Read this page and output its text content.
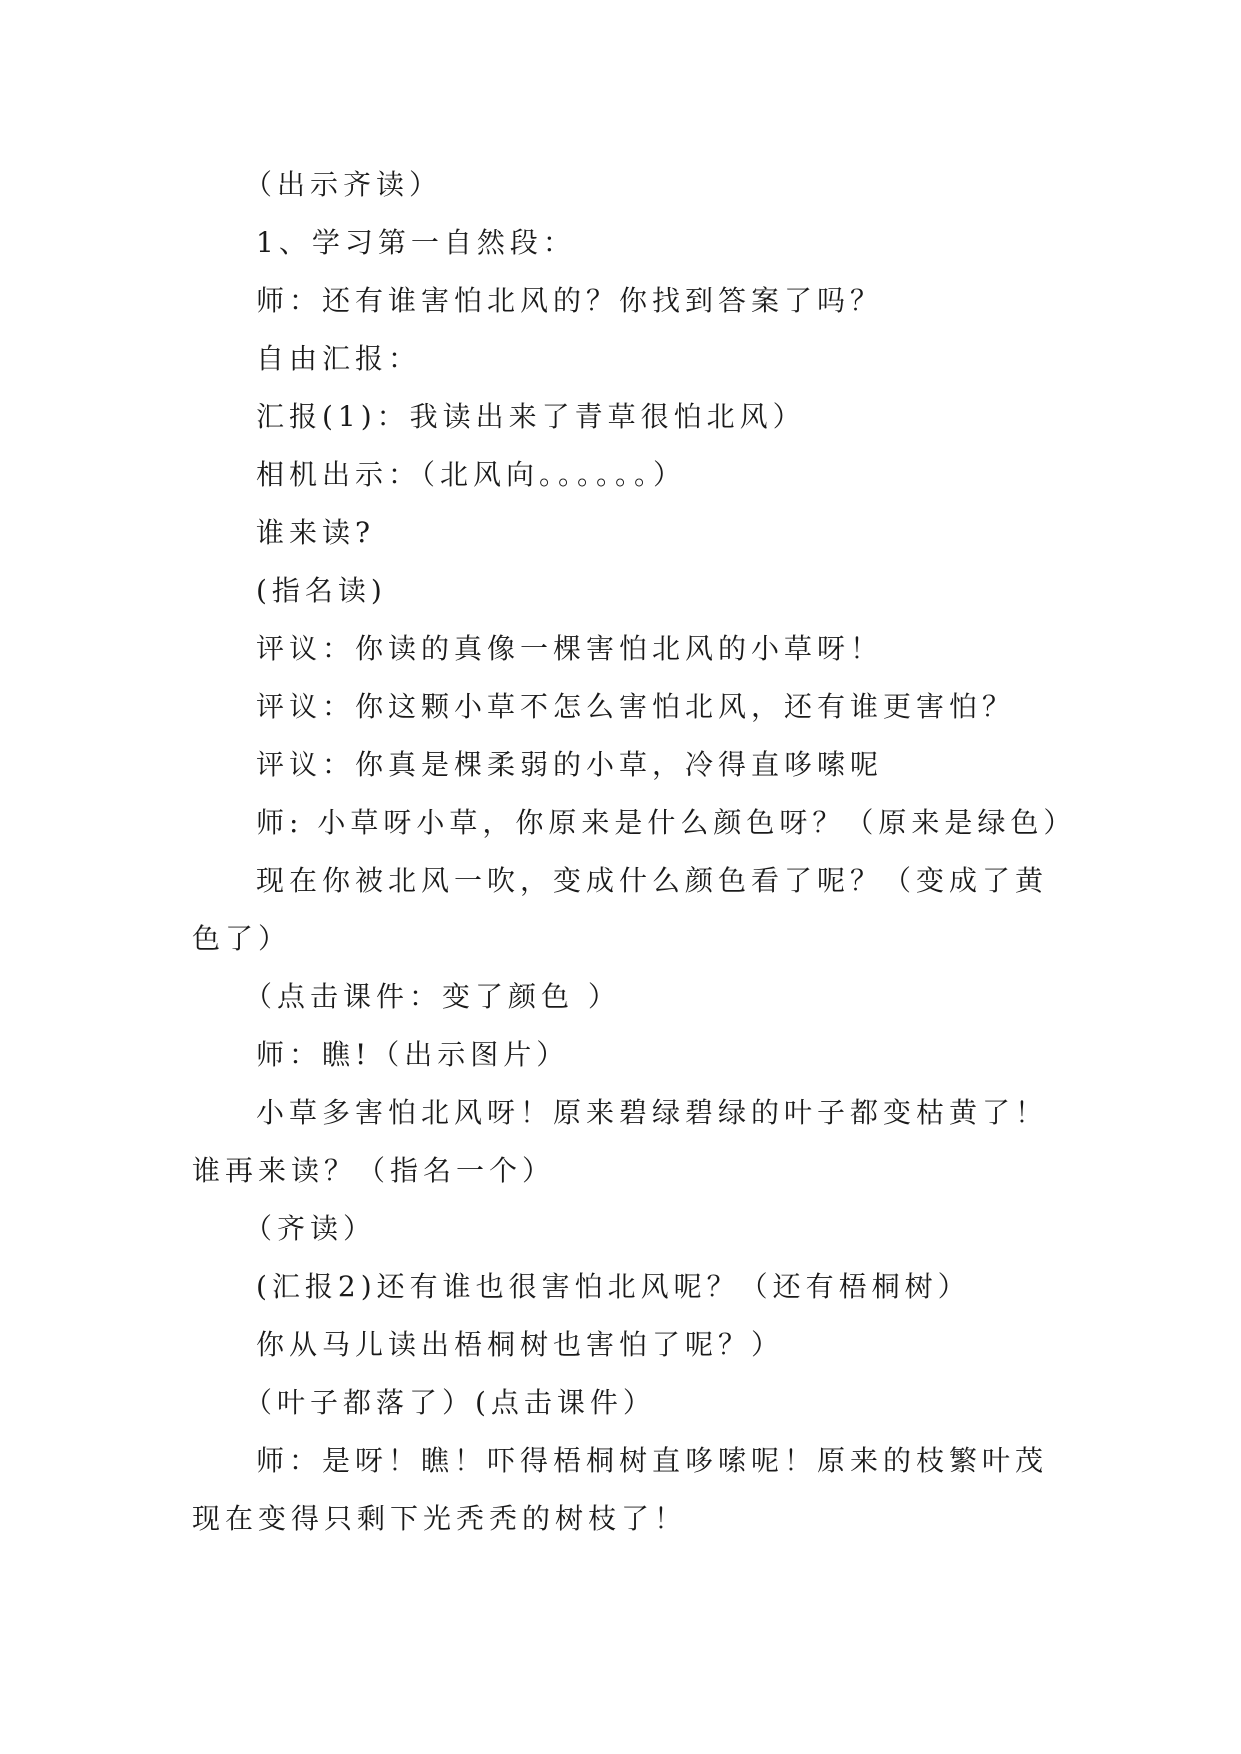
（出示齐读）

1、学习第一自然段：

师：还有谁害怕北风的？你找到答案了吗？

自由汇报：

汇报(1)：我读出来了青草很怕北风）

相机出示：（北风向。。。。。。）

谁来读?

(指名读)

评议：你读的真像一棵害怕北风的小草呀！

评议：你这颗小草不怎么害怕北风，还有谁更害怕？

评议：你真是棵柔弱的小草，冷得直哆嗦呢

师: 小草呀小草，你原来是什么颜色呀？（原来是绿色）

现在你被北风一吹，变成什么颜色看了呢？（变成了黄色了）

（点击课件：变了颜色 ）

师：瞧!（出示图片）

小草多害怕北风呀！原来碧绿碧绿的叶子都变枯黄了！谁再来读？（指名一个）

（齐读）

(汇报2)还有谁也很害怕北风呢？（还有梧桐树）

你从马儿读出梧桐树也害怕了呢？）

（叶子都落了）(点击课件）

师：是呀！瞧！吓得梧桐树直哆嗦呢！原来的枝繁叶茂现在变得只剩下光秃秃的树枝了！
